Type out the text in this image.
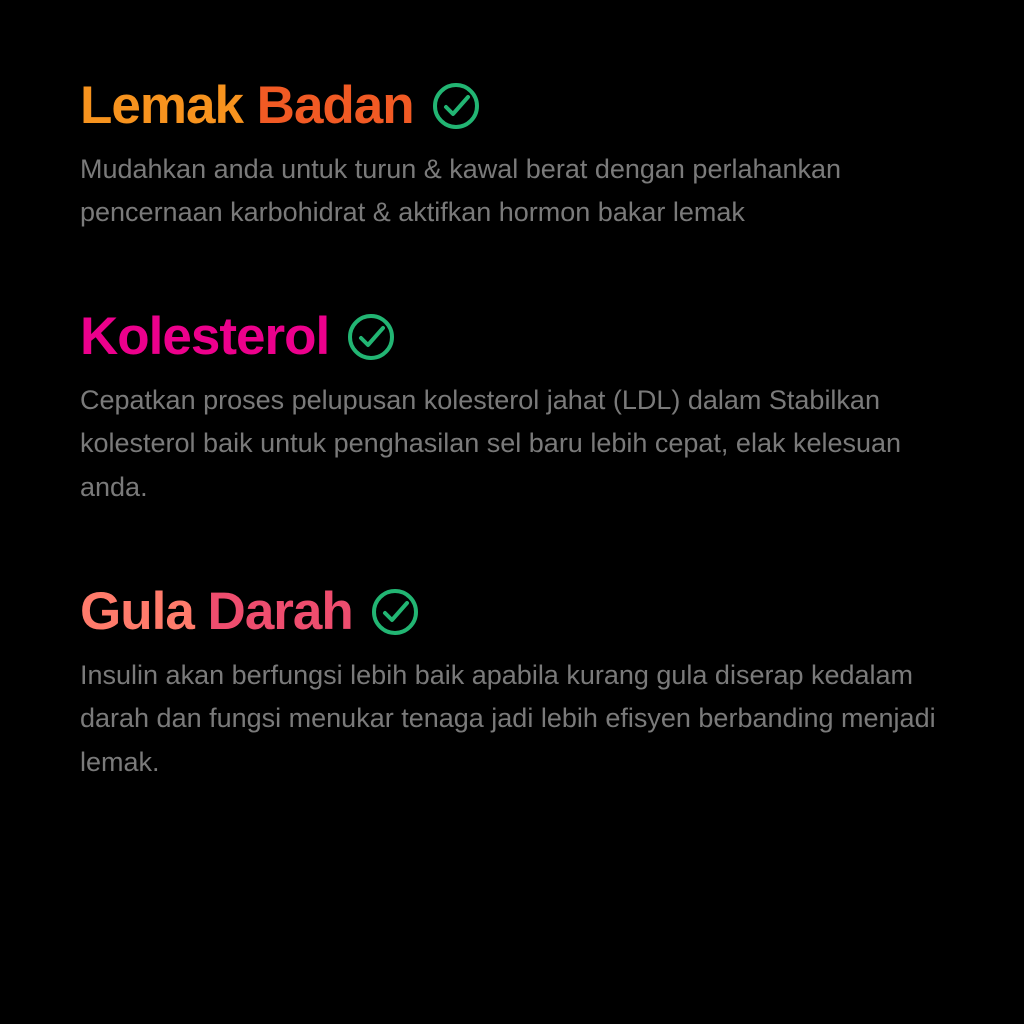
Lemak Badan
Mudahkan anda untuk turun & kawal berat dengan perlahankan pencernaan karbohidrat & aktifkan hormon bakar lemak
Kolesterol
Cepatkan proses pelupusan kolesterol jahat (LDL) dalam Stabilkan kolesterol baik untuk penghasilan sel baru lebih cepat, elak kelesuan anda.
Gula Darah
Insulin akan berfungsi lebih baik apabila kurang gula diserap kedalam darah dan fungsi menukar tenaga jadi lebih efisyen berbanding menjadi lemak.
